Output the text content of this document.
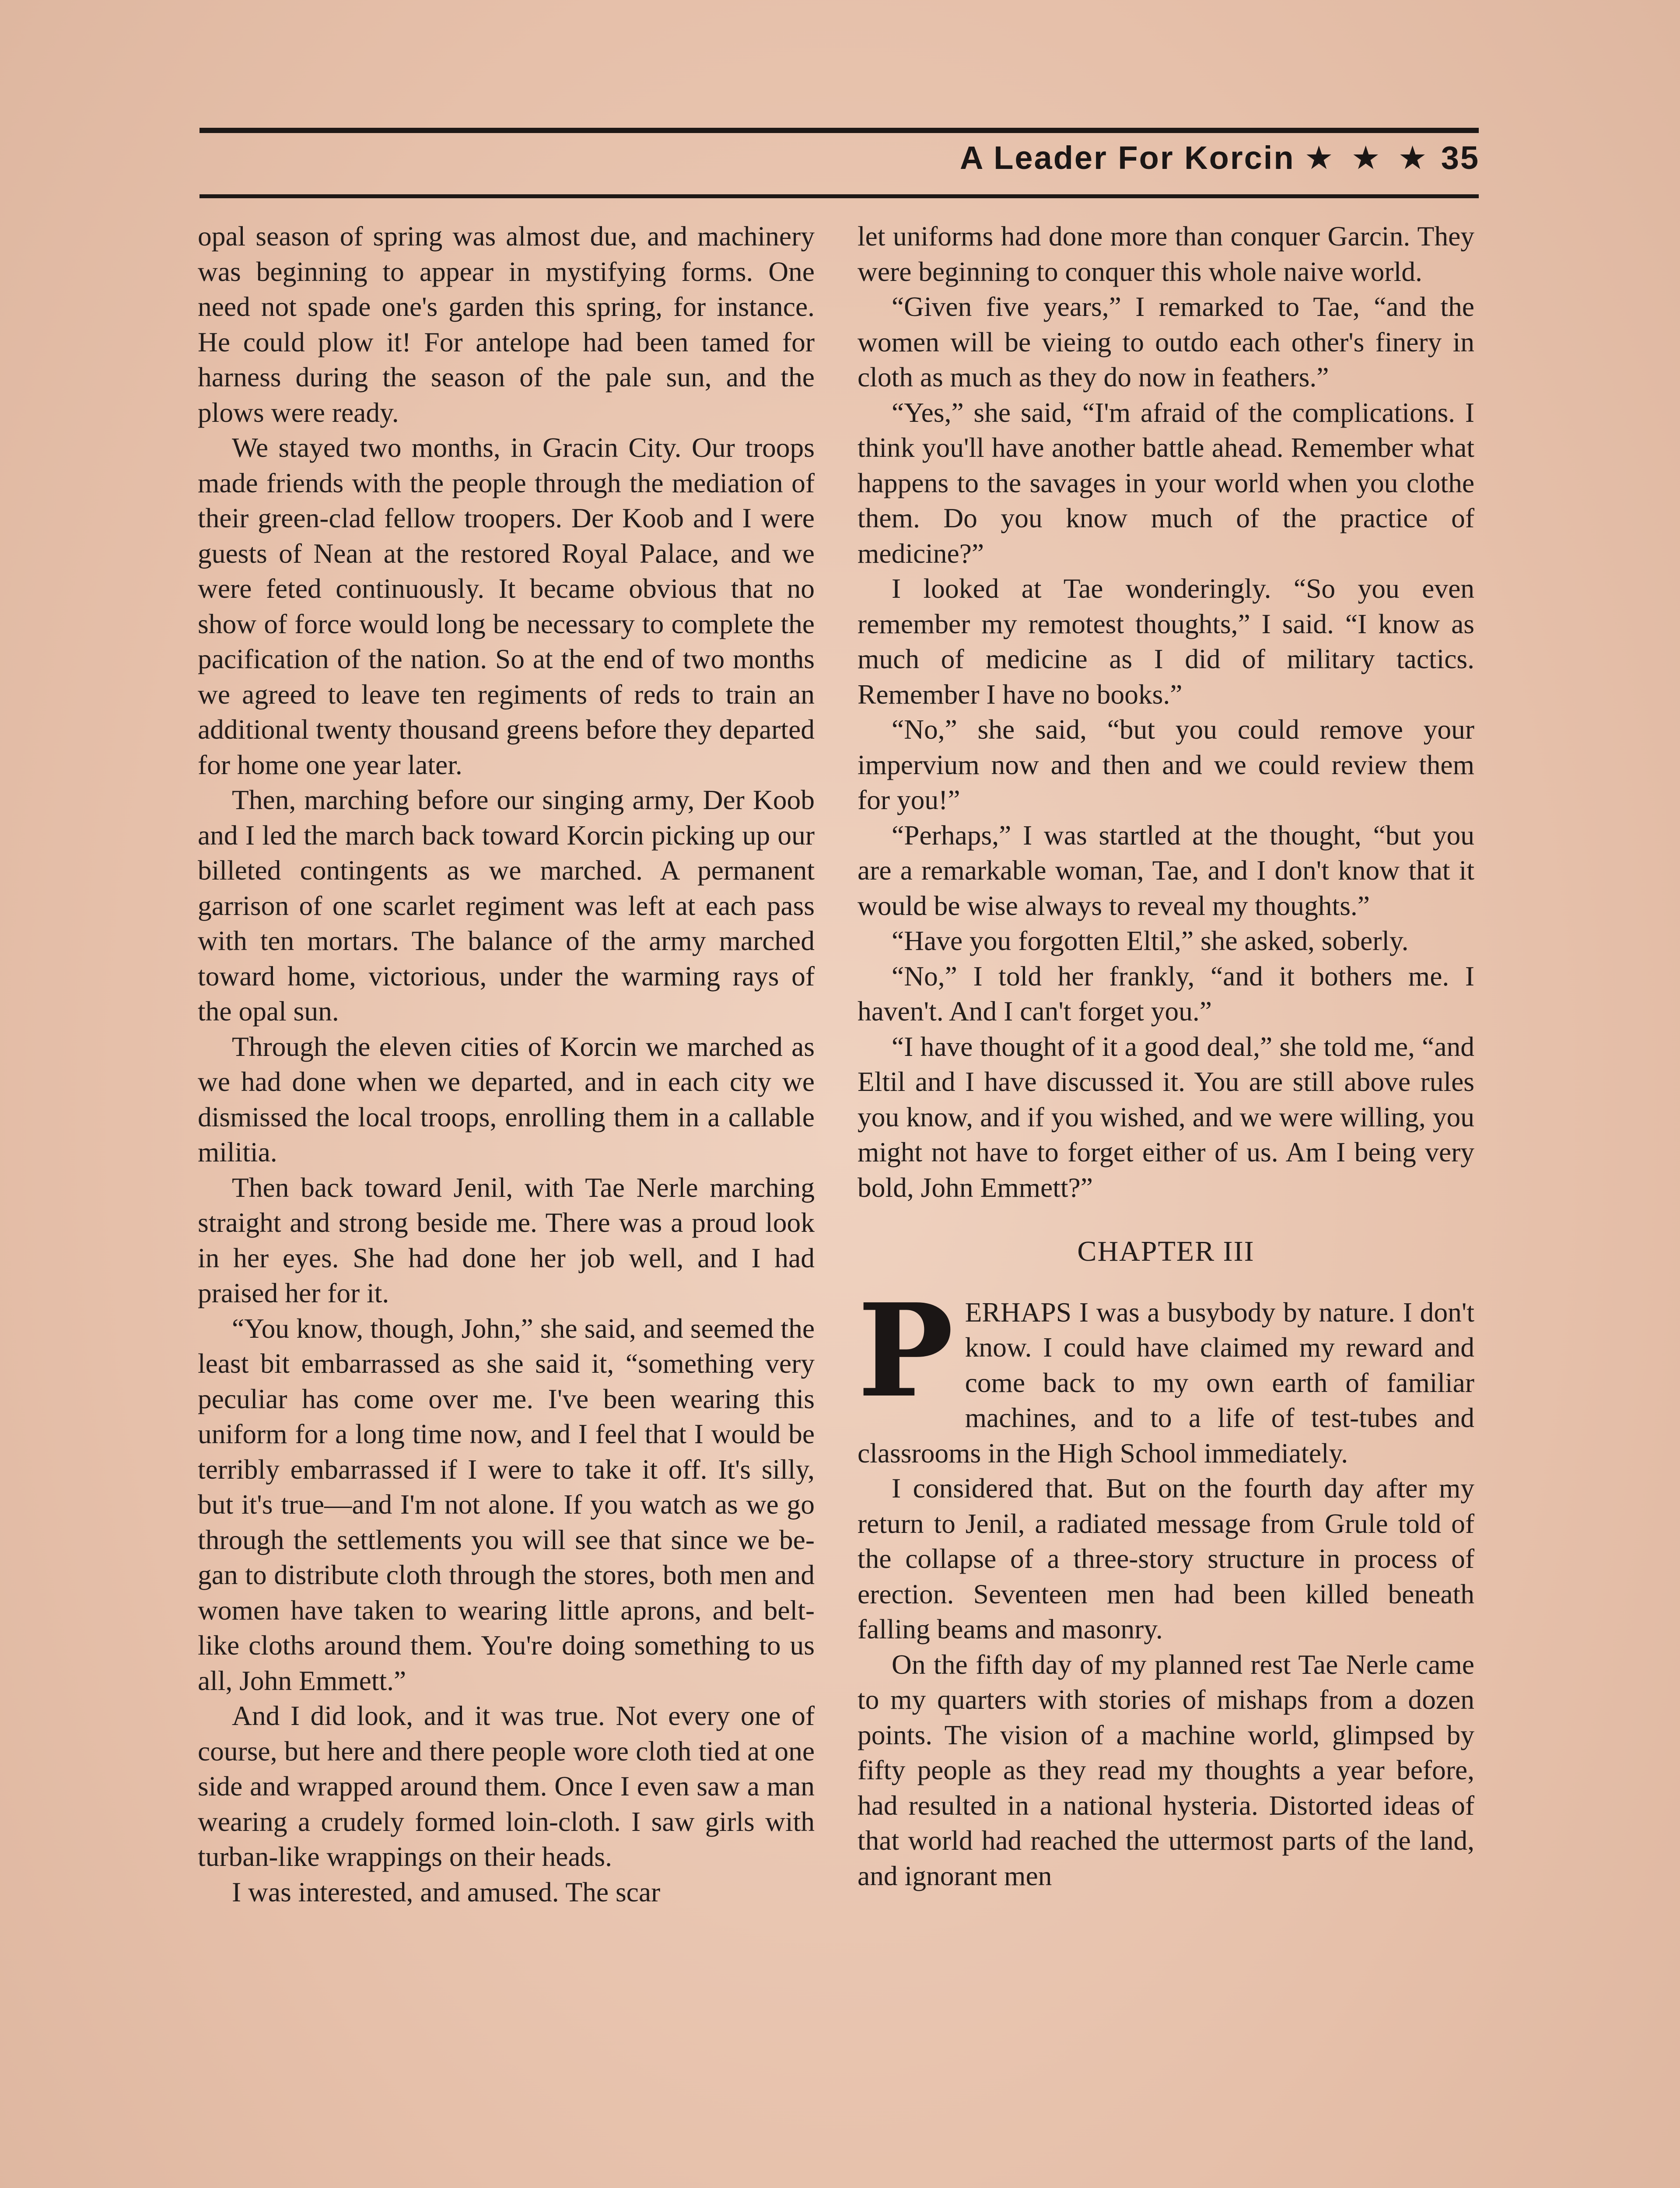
A Leader For Korcin ★ ★ ★ 35

opal season of spring was almost due, and machinery was beginning to appear in mystifying forms. One need not spade one's garden this spring, for instance. He could plow it! For antelope had been tamed for harness during the season of the pale sun, and the plows were ready.

We stayed two months, in Gracin City. Our troops made friends with the people through the mediation of their green-clad fellow troopers. Der Koob and I were guests of Nean at the restored Royal Palace, and we were feted continuously. It became obvious that no show of force would long be necessary to complete the pacification of the nation. So at the end of two months we agreed to leave ten regiments of reds to train an additional twenty thousand greens before they departed for home one year later.

Then, marching before our singing army, Der Koob and I led the march back toward Korcin picking up our billeted contingents as we marched. A permanent garrison of one scarlet regiment was left at each pass with ten mortars. The balance of the army marched toward home, victorious, under the warming rays of the opal sun.

Through the eleven cities of Korcin we marched as we had done when we departed, and in each city we dismissed the local troops, enrolling them in a callable militia.

Then back toward Jenil, with Tae Nerle marching straight and strong beside me. There was a proud look in her eyes. She had done her job well, and I had praised her for it.

“You know, though, John,” she said, and seemed the least bit embarrassed as she said it, “something very peculiar has come over me. I've been wearing this uniform for a long time now, and I feel that I would be terribly embarrassed if I were to take it off. It's silly, but it's true—and I'm not alone. If you watch as we go through the settlements you will see that since we began to distribute cloth through the stores, both men and women have taken to wearing little aprons, and belt-like cloths around them. You're doing something to us all, John Emmett.”

And I did look, and it was true. Not every one of course, but here and there people wore cloth tied at one side and wrapped around them. Once I even saw a man wearing a crudely formed loin-cloth. I saw girls with turban-like wrappings on their heads.

I was interested, and amused. The scar

let uniforms had done more than conquer Garcin. They were beginning to conquer this whole naive world.

“Given five years,” I remarked to Tae, “and the women will be vieing to outdo each other's finery in cloth as much as they do now in feathers.”

“Yes,” she said, “I'm afraid of the complications. I think you'll have another battle ahead. Remember what happens to the savages in your world when you clothe them. Do you know much of the practice of medicine?”

I looked at Tae wonderingly. “So you even remember my remotest thoughts,” I said. “I know as much of medicine as I did of military tactics. Remember I have no books.”

“No,” she said, “but you could remove your impervium now and then and we could review them for you!”

“Perhaps,” I was startled at the thought, “but you are a remarkable woman, Tae, and I don't know that it would be wise always to reveal my thoughts.”

“Have you forgotten Eltil,” she asked, soberly.

“No,” I told her frankly, “and it bothers me. I haven't. And I can't forget you.”

“I have thought of it a good deal,” she told me, “and Eltil and I have discussed it. You are still above rules you know, and if you wished, and we were willing, you might not have to forget either of us. Am I being very bold, John Emmett?”

CHAPTER III

PERHAPS I was a busybody by nature. I don't know. I could have claimed my reward and come back to my own earth of familiar machines, and to a life of test-tubes and classrooms in the High School immediately.

I considered that. But on the fourth day after my return to Jenil, a radiated message from Grule told of the collapse of a three-story structure in process of erection. Seventeen men had been killed beneath falling beams and masonry.

On the fifth day of my planned rest Tae Nerle came to my quarters with stories of mishaps from a dozen points. The vision of a machine world, glimpsed by fifty people as they read my thoughts a year before, had resulted in a national hysteria. Distorted ideas of that world had reached the uttermost parts of the land, and ignorant men
